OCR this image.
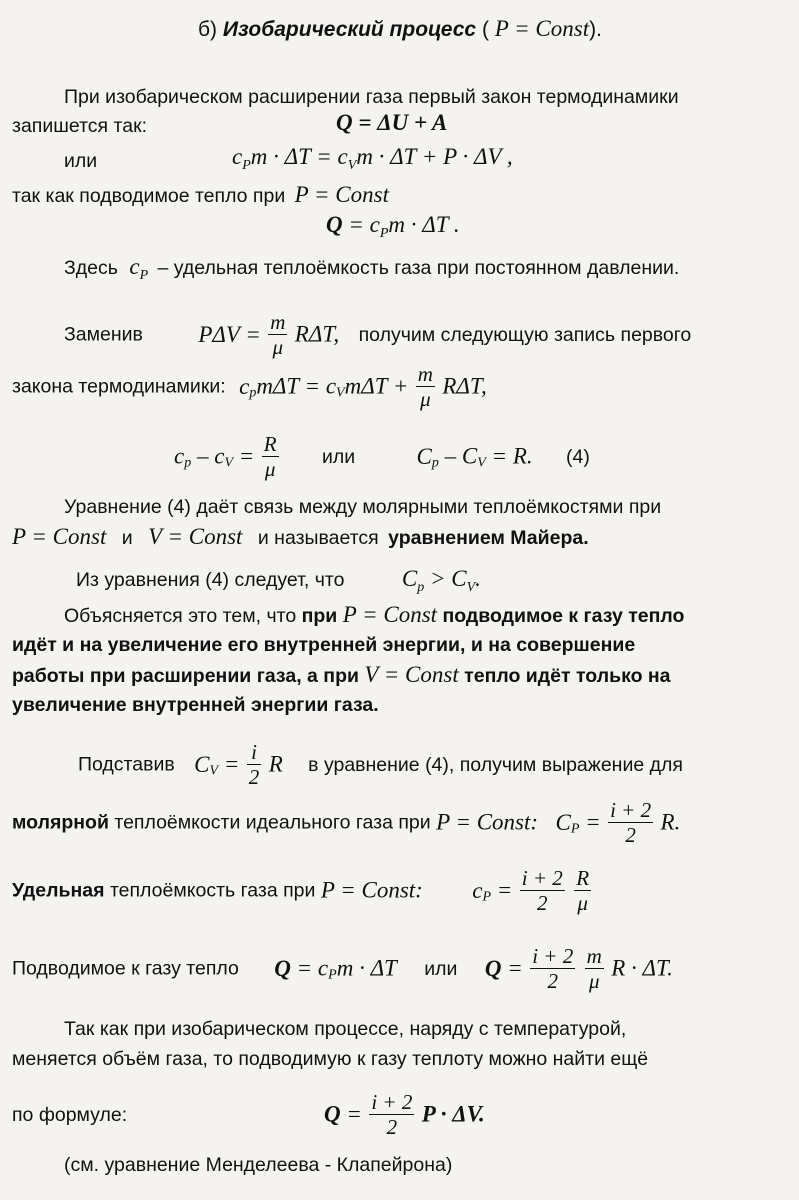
б) Изобарический процесс ( P = Const).
При изобарическом расширении газа первый закон термодинамики
запишется так:	Q = ΔU + A
или	$c_Pm \cdot \Delta T = c_Vm \cdot \Delta T + P \cdot \Delta V$ ,
так как подводимое тепло при P = Const
$Q = c_Pm \cdot \Delta T$ .
Здесь $c_P$ – удельная теплоёмкость газа при постоянном давлении.
Заменив $P\Delta V = \frac{m}{\mu} R\Delta T$, получим следующую запись первого
закона термодинамики: $c_pm\Delta T = c_Vm\Delta T + \frac{m}{\mu} R\Delta T$,
$c_p - c_V = \frac{R}{\mu}$ или	$C_p - C_V = R$. (4)
Уравнение (4) даёт связь между молярными теплоёмкостями при
P = Const и V = Const и называется уравнением Майера.
Из уравнения (4) следует, что $C_p > C_V$.
Объясняется это тем, что при P = Const подводимое к газу тепло
идёт и на увеличение его внутренней энергии, и на совершение
работы при расширении газа, а при V = Const тепло идёт только на
увеличение внутренней энергии газа.
Подставив $C_V = \frac{i}{2}$ R в уравнение (4), получим выражение для
молярной теплоёмкости идеального газа при P = Const: $C_P = \frac{i + 2}{2} R$.
Удельная теплоёмкость газа при P = Const: $c_P = \frac{i + 2}{2}$
$\frac{R}{\mu}$
Подводимое к газу тепло $Q = c_Pm \cdot \Delta T$ или $Q = \frac{i + 2}{2}$
$\frac{m}{\mu}$ R · ΔT.
Так как при изобарическом процессе, наряду с температурой,
меняется объём газа, то подводимую к газу теплоту можно найти ещё
по формуле:	$Q = \frac{i + 2}{2}$ P · ΔV.
(см. уравнение Менделеева - Клапейрона)
